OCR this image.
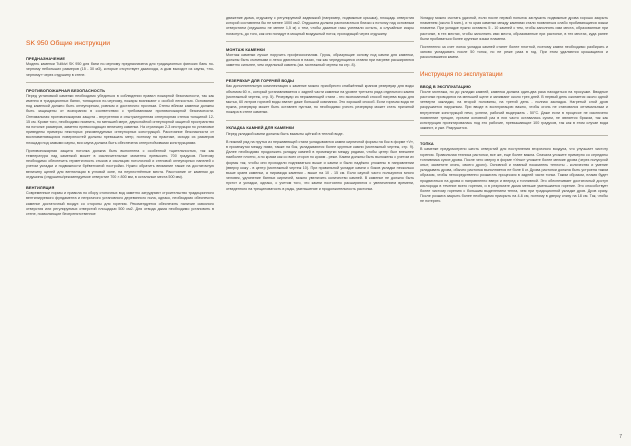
SK 950 Общие инструкции
ПРЕДНАЗНАЧЕНИЕ

Модель каменки Tulikivi SK 950 для бани по-черному предназначена для традиционных финских бань по-черному небольших размеров (15 - 30 м3), которые отсутствует дымохода, а дым выходит из сауны, «по-черному» через отдушину в стене.

ПРОТИВОПОЖАРНАЯ БЕЗОПАСНОСТЬ

Перед установкой каменки необходимо убедиться в соблюдении правил пожарной безопасности, так как именно в традиционных банях, топящихся по-черному, пожары возникают с особой легкостью. Основание под каменкой должно быть огнеупорным, ровным и достаточно прочным. Стены вблизи каменки должны быть защищены от возгорания в соответствии с требованиями противопожарной безопасности. Оптимальная противопожарная защита - внутренняя и отштукатуренная огнеупорная стенка толщиной 12-15 см. Кроме того, необходимо помнить, по меньшей мере, двухслойной огнеупорной защитой пространство на потолке размеров, заметно превосходящих величину каменки. На страницах 2-3 инструкции по установке приведены примеры некоторых рекомендуемых огнеупорных конструкций. Расстояние безопасности от воспламеняющихся поверхностей должны превышать метр, поэтому на практике, исходя из размеров площади под самыми сауны, вся сауна должна быть обеспечена огнеустойчивыми конструкциями.

Противопожарная защита потолка должна быть выполнена с особенной тщательностью, так как температура над каменкой может в исключительные моменты превысить 700 градусов. Поэтому необходимо обеспечить герметичность стыков и изоляцию потолочной и стеновой огнеупорных панелей с учетом укладки и подвижности брёвенчатой постройки. Нужно обратить внимание также на достаточную величину щелей для вентиляции в угловой зоне, на неуплотнённые места. Расстояние от каменки до отдушины (отдушины/рекомендуемое отверстие 700 × 800 мм, в остальные места 500 мм).

ВЕНТИЛЯЦИЯ

Современные нормы и правила по сбору стопочных вод заметно затрудняют строительство традиционного вентилируемого фундамента и непрочного установного деревянного пола, однако, необходимо обеспечить каменке достаточный воздух со стороны для горения. Рекомендуется обеспечить наличие сквозного отверстия или регулируемых отверстий площадью 500 см2. Для отвода дыма необходимо установить в стене, позволяющие беспрепятственное

движение дыма, отдушину с регулируемой задвижкой (например, подвижные крышка), площадь отверстия которой составлена бы не менее 1000 см2. Отдушина должна располагаться близко к потолку над основным отверстием (отдушины не менее 1,5 м) с тем, чтобы дымные газы успевали остыть, а случайные искры погаснуть, до того, как они попадут в мощный воздушный поток, проходящий через отдушину.

МОНТАЖ КАМЕНКИ

Монтаж каменки лучше поручить профессионалам. Грузы, образующие основу под камни для каменки, должны быть съемными и легко двигаться в пазах, так как чередующиеся ставни при нагреве расширяются заметно сильнее, чем отдельный камень (см. монтажный чертеж на стр. 8).

РЕЗЕРВУАР ДЛЯ ГОРЯЧЕЙ ВОДЫ

Как дополнительную комплектацию к каменке можно приобрести снабжённый краном резервуар для воды объемом 60 л., который устанавливается с задней части каменки на уровне третьего ряда отдельного камня (монтажный чертеж, стр. 5). Резервуар из нержавеющей стали - это экономичный способ нагрева воды для мытья, 60 литров горячей воды хватит даже большой компании. Это хороший способ. Если горячая вода не нужна, резервуар может быть оставлен пустым, но необходимо учесть резервуар может стать причиной пожара в стене каменки.

УКЛАДКА КАМНЕЙ ДЛЯ КАМЕНКИ

Перед укладкой камни должны быть вымыты щёткой в теплой воде.

В нижний ряд на прутья из нержавеющей стали укладываются камни кирпичной формы на бок в форме «V», в промежутки между ними, также на бок, укладываются более крупные камни (монтажный чертеж, стр. 9). Далее необходимо продолжить укладку камней в промежутки между рядами, чтобы центр был внешнее наиболее плотно, а по краям как со всех сторон по краям - реже. Камни должны быть выложены с учетом их формы так, чтобы они проходили подниматься выше и камни и были надёжно уложены в направлении (вверху кожу - в центр (монтажный чертеж 10). При правильной укладке камни с боков укладки несколько выше краев каменки, а пирамида каменки - выше на 10 - 15 см. Если сауной часто пользуются много человек, удлинение банных кирпичей, можно увеличить количество камней. В каменке не должно быть пустот и укладки, однако, с учетом того, что камни постоянно расширяются с увеличением времени, отведенного на трещиноватость в ряды, уменьшение и продолжительность растопки.

Укладку можно считать удачной, если после первой попыток заглушить подвижные дрова хорошо закрыть пламенем (около 5 мин.), и то края каменки между камнями стали появляться слабо пробивающиеся языки пламени. При укладке нужно оставить 5 - 10 камней с тем, чтобы заполнить ими места, образованные при растопке, в тех местах, чтобы заполнить ими места, образованные при растопке, в тех местах, куда ранее были пробиваться более крупные языки пламени.

Постепенно за счет лопок укладка камней станет более плотной, поэтому камни необходимо разбирать и заново укладывать после 50 топок, но не реже раза в год. При этом удаляются крошащиеся и расколовшиеся камни.

Инструкция по эксплуатации
ВВОД В ЭКСПЛУАТАЦИЮ

После монтажа, но до укладки камней, каменка должна один-два раза находиться на просушке. Вводные растопки проводятся на меньшей щепе и занимают около трех дней. В первый день сжигается около одной четверти закладки, на второй половины, на третий день - полная закладка. Нагретый слой дров разрушается наружным. При вводе в эксплуатацию важно, чтобы огонь не становился оптимальным и внутренние конструкций печи, успели, рабочий выдержать - 50°C. Даже если в процессе не исключено появление трещин, причем основной раз в них часто оставалась сухим, не является браком, так как конструкция проектировалась под это рабочие, превышающие 100 градусов, так как в этом случае вода закипит, и уже. Разрушится.

ТОПКА

В каменке предусмотрено шесть отверстий для поступления вторичного воздуха, что улучшает чистоту горения. Правильная техника растопки, все же, еще более важна. Сначала уложите примерно со середины топливника сухие дрова. После чего сверху в форме «Ульи» уложите более мелкие дрова (через полусухой опыт, засветите огонь, своего дроги). Основной и главный показатель теплоты - количество и умение укладывать дрова, обычно растопка выполняется не боле 6 кг. Дрова растопки должна быть устроена таким образом, чтобы непосредственно розжигать процессия в задней части топки. Таким образом, пламя будет продвигаться на дрова и направленно вверх и вперед к топливной. Это обеспечивает достаточный доступ кислорода в течение всего горения, и в результате дыма меньше уменьшается горение. Это способствует более чистому горению с большим выделением тепла, чем при традиционной укладке дров. Дров сразу. После розжига закрыть более необходимо прикрыть на 4-6 см, поэтому в дверку снизу на 18 см. Так, чтобы не потерять

7
